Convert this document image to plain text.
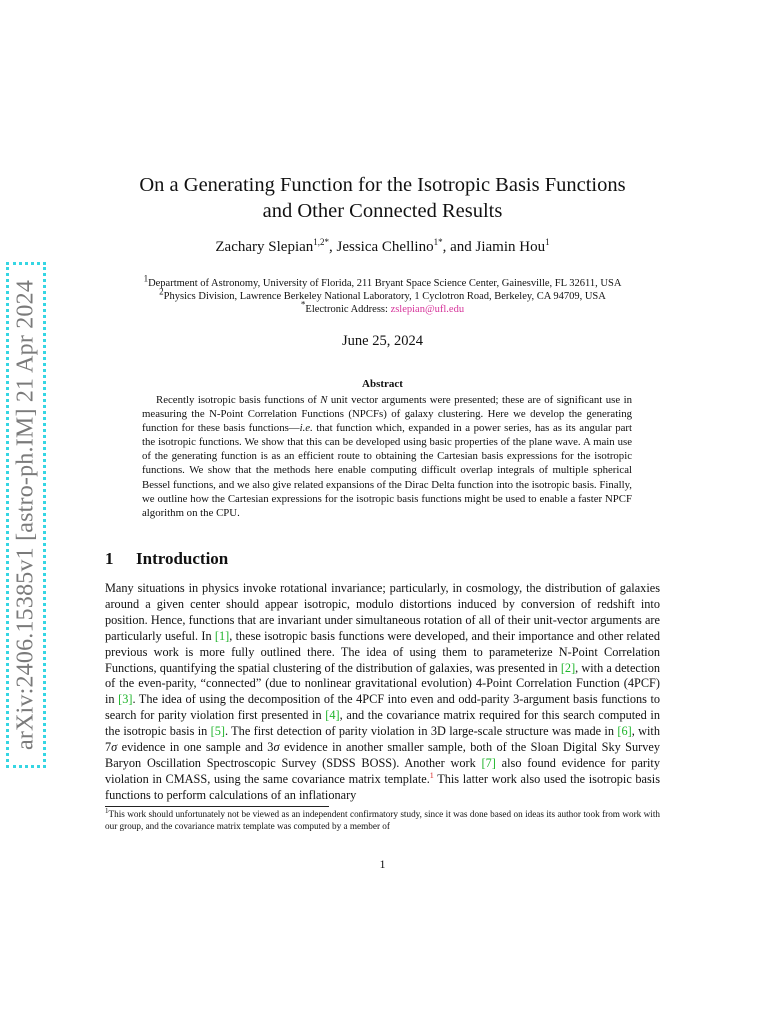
arXiv:2406.15385v1 [astro-ph.IM] 21 Apr 2024
On a Generating Function for the Isotropic Basis Functions
and Other Connected Results
Zachary Slepian$^{1,2*}$, Jessica Chellino$^{1*}$, and Jiamin Hou$^1$
$^1$Department of Astronomy, University of Florida, 211 Bryant Space Science Center, Gainesville, FL 32611, USA
$^2$Physics Division, Lawrence Berkeley National Laboratory, 1 Cyclotron Road, Berkeley, CA 94709, USA
*Electronic Address: zslepian@ufl.edu
June 25, 2024
Abstract
Recently isotropic basis functions of N unit vector arguments were presented; these are of significant use in measuring the N-Point Correlation Functions (NPCFs) of galaxy clustering. Here we develop the generating function for these basis functions—i.e. that function which, expanded in a power series, has as its angular part the isotropic functions. We show that this can be developed using basic properties of the plane wave. A main use of the generating function is as an efficient route to obtaining the Cartesian basis expressions for the isotropic functions. We show that the methods here enable computing difficult overlap integrals of multiple spherical Bessel functions, and we also give related expansions of the Dirac Delta function into the isotropic basis. Finally, we outline how the Cartesian expressions for the isotropic basis functions might be used to enable a faster NPCF algorithm on the CPU.
1 Introduction
Many situations in physics invoke rotational invariance; particularly, in cosmology, the distribution of galaxies around a given center should appear isotropic, modulo distortions induced by conversion of redshift into position. Hence, functions that are invariant under simultaneous rotation of all of their unit-vector arguments are particularly useful. In [1], these isotropic basis functions were developed, and their importance and other related previous work is more fully outlined there. The idea of using them to parameterize N-Point Correlation Functions, quantifying the spatial clustering of the distribution of galaxies, was presented in [2], with a detection of the even-parity, “connected” (due to nonlinear gravitational evolution) 4-Point Correlation Function (4PCF) in [3]. The idea of using the decomposition of the 4PCF into even and odd-parity 3-argument basis functions to search for parity violation first presented in [4], and the covariance matrix required for this search computed in the isotropic basis in [5]. The first detection of parity violation in 3D large-scale structure was made in [6], with 7σ evidence in one sample and 3σ evidence in another smaller sample, both of the Sloan Digital Sky Survey Baryon Oscillation Spectroscopic Survey (SDSS BOSS). Another work [7] also found evidence for parity violation in CMASS, using the same covariance matrix template.$^1$ This latter work also used the isotropic basis functions to perform calculations of an inflationary
$^1$This work should unfortunately not be viewed as an independent confirmatory study, since it was done based on ideas its author took from work with our group, and the covariance matrix template was computed by a member of
1
